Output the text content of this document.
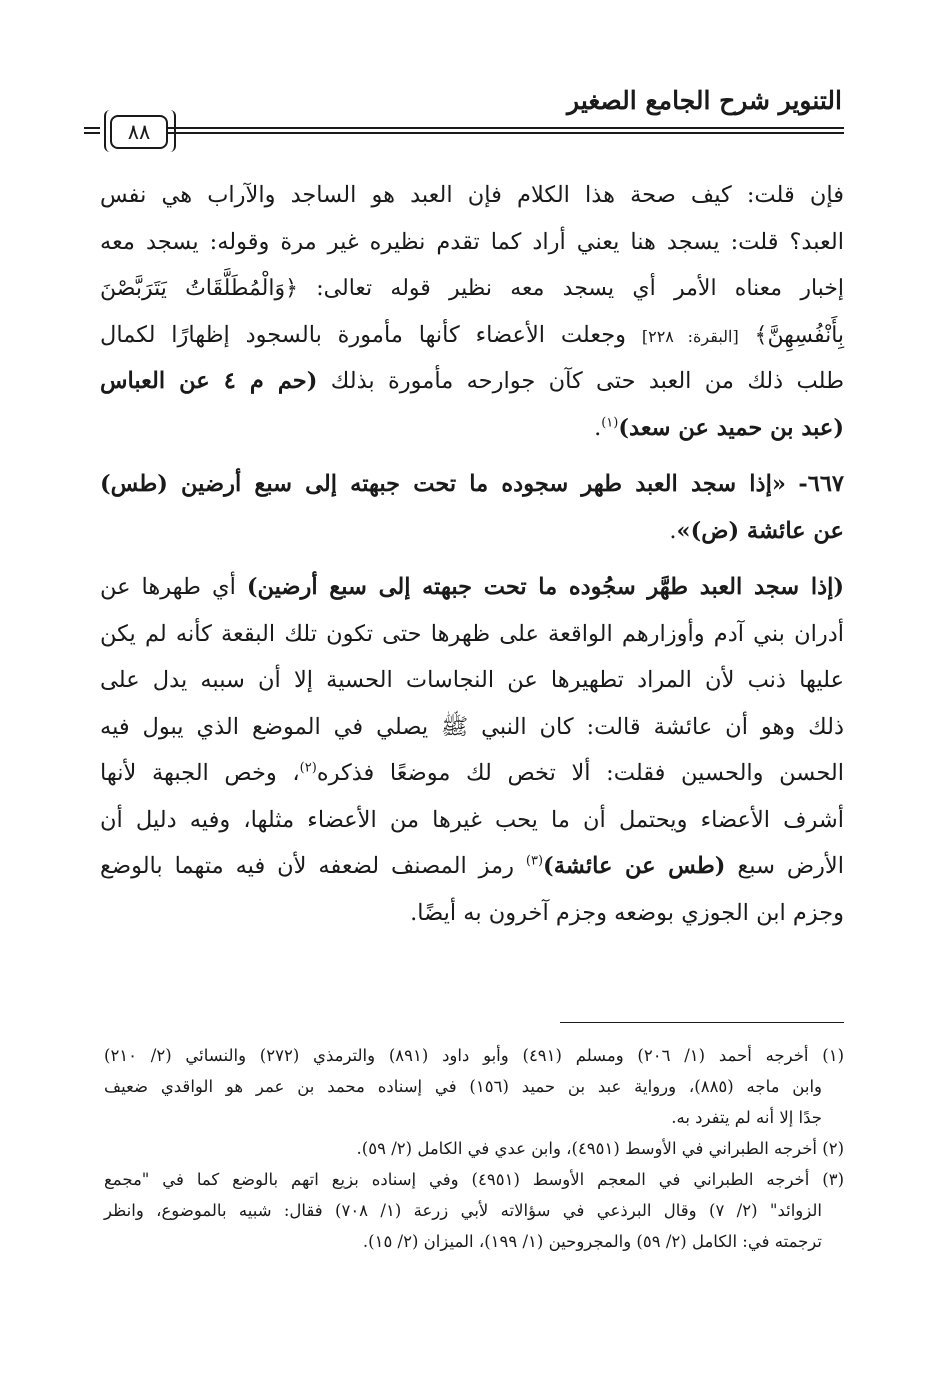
التنوير شرح الجامع الصغير
٨٨
فإن قلت: كيف صحة هذا الكلام فإن العبد هو الساجد والآراب هي نفس
العبد؟ قلت: يسجد هنا يعني أراد كما تقدم نظيره غير مرة وقوله: يسجد معه
إخبار معناه الأمر أي يسجد معه نظير قوله تعالى: ﴿وَالْمُطَلَّقَاتُ يَتَرَبَّصْنَ
بِأَنْفُسِهِنَّ﴾ [البقرة: ٢٢٨] وجعلت الأعضاء كأنها مأمورة بالسجود إظهارًا لكمال
طلب ذلك من العبد حتى كآن جوارحه مأمورة بذلك (حم م ٤ عن العباس
(عبد بن حميد عن سعد)$^{(١)}$.
٦٦٧- «إذا سجد العبد طهر سجوده ما تحت جبهته إلى سبع أرضين (طس)
عن عائشة (ض)».
(إذا سجد العبد طهَّر سجُوده ما تحت جبهته إلى سبع أرضين) أي طهرها عن
أدران بني آدم وأوزارهم الواقعة على ظهرها حتى تكون تلك البقعة كأنه لم يكن
عليها ذنب لأن المراد تطهيرها عن النجاسات الحسية إلا أن سببه يدل على
ذلك وهو أن عائشة قالت: كان النبي ﷺ يصلي في الموضع الذي يبول فيه
الحسن والحسين فقلت: ألا تخص لك موضعًا فذكره$^{(٢)}$، وخص الجبهة لأنها
أشرف الأعضاء ويحتمل أن ما يحب غيرها من الأعضاء مثلها، وفيه دليل أن
الأرض سبع (طس عن عائشة)$^{(٣)}$ رمز المصنف لضعفه لأن فيه متهما بالوضع
وجزم ابن الجوزي بوضعه وجزم آخرون به أيضًا.
(١) أخرجه أحمد (١/ ٢٠٦) ومسلم (٤٩١) وأبو داود (٨٩١) والترمذي (٢٧٢) والنسائي (٢/ ٢١٠)
وابن ماجه (٨٨٥)، ورواية عبد بن حميد (١٥٦) في إسناده محمد بن عمر هو الواقدي ضعيف
جدًا إلا أنه لم يتفرد به.
(٢) أخرجه الطبراني في الأوسط (٤٩٥١)، وابن عدي في الكامل (٢/ ٥٩).
(٣) أخرجه الطبراني في المعجم الأوسط (٤٩٥١) وفي إسناده بزيع اتهم بالوضع كما في "مجمع
الزوائد" (٢/ ٧) وقال البرذعي في سؤالاته لأبي زرعة (١/ ٧٠٨) فقال: شبيه بالموضوع، وانظر
ترجمته في: الكامل (٢/ ٥٩) والمجروحين (١/ ١٩٩)، الميزان (٢/ ١٥).
